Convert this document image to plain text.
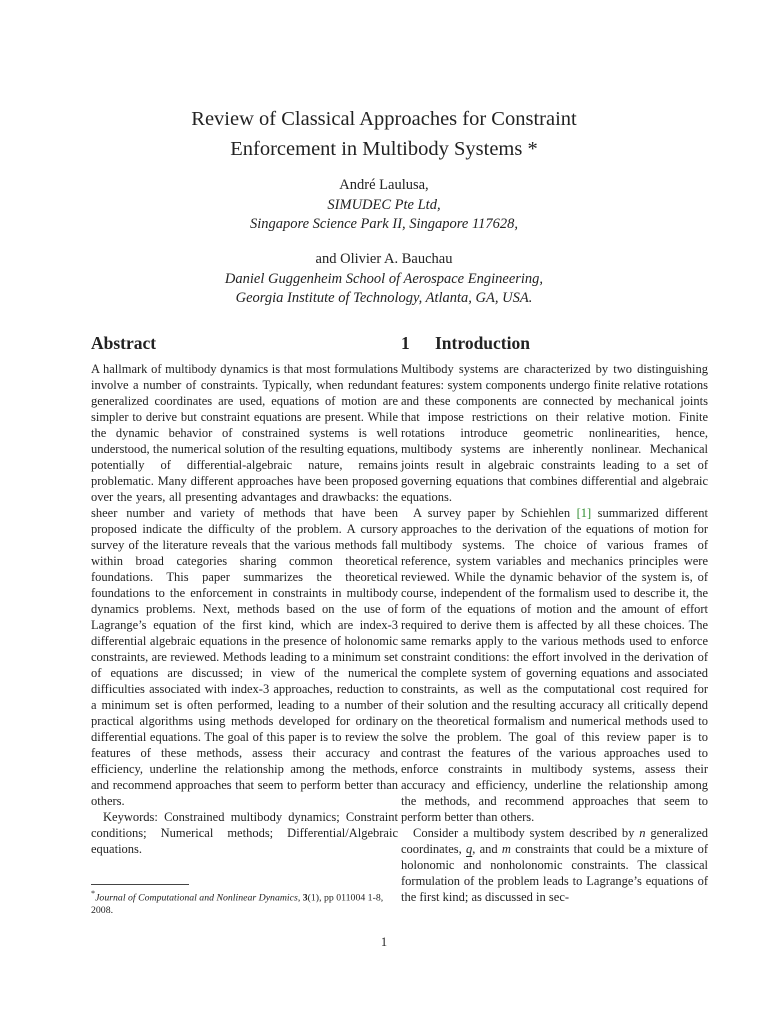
Review of Classical Approaches for Constraint
Enforcement in Multibody Systems *
André Laulusa,
SIMUDEC Pte Ltd,
Singapore Science Park II, Singapore 117628,
and Olivier A. Bauchau
Daniel Guggenheim School of Aerospace Engineering,
Georgia Institute of Technology, Atlanta, GA, USA.
Abstract	1 Introduction

A hallmark of multibody dynamics is that most formulations involve a number of constraints. Typically, when redundant generalized coordinates are used, equations of motion are simpler to derive but constraint equations are present. While the dynamic behavior of constrained systems is well understood, the numerical solution of the resulting equations, potentially of differential-algebraic nature, remains problematic. Many different approaches have been proposed over the years, all presenting advantages and drawbacks: the sheer number and variety of methods that have been proposed indicate the difficulty of the problem. A cursory survey of the literature reveals that the various methods fall within broad categories sharing common theoretical foundations. This paper summarizes the theoretical foundations to the enforcement in constraints in multibody dynamics problems. Next, methods based on the use of Lagrange’s equation of the first kind, which are index-3 differential algebraic equations in the presence of holonomic constraints, are reviewed. Methods leading to a minimum set of equations are discussed; in view of the numerical difficulties associated with index-3 approaches, reduction to a minimum set is often performed, leading to a number of practical algorithms using methods developed for ordinary differential equations. The goal of this paper is to review the features of these methods, assess their accuracy and efficiency, underline the relationship among the methods, and recommend approaches that seem to perform better than others.

Keywords: Constrained multibody dynamics; Constraint conditions; Numerical methods; Differential/Algebraic equations.

Multibody systems are characterized by two distinguishing features: system components undergo finite relative rotations and these components are connected by mechanical joints that impose restrictions on their relative motion. Finite rotations introduce geometric nonlinearities, hence, multibody systems are inherently nonlinear. Mechanical joints result in algebraic constraints leading to a set of governing equations that combines differential and algebraic equations.

A survey paper by Schiehlen [1] summarized different approaches to the derivation of the equations of motion for multibody systems. The choice of various frames of reference, system variables and mechanics principles were reviewed. While the dynamic behavior of the system is, of course, independent of the formalism used to describe it, the form of the equations of motion and the amount of effort required to derive them is affected by all these choices. The same remarks apply to the various methods used to enforce constraint conditions: the effort involved in the derivation of the complete system of governing equations and associated constraints, as well as the computational cost required for their solution and the resulting accuracy all critically depend on the theoretical formalism and numerical methods used to solve the problem. The goal of this review paper is to contrast the features of the various approaches used to enforce constraints in multibody systems, assess their accuracy and efficiency, underline the relationship among the methods, and recommend approaches that seem to perform better than others.

Consider a multibody system described by n generalized coordinates, q, and m constraints that could be a mixture of holonomic and nonholonomic constraints. The classical formulation of the problem leads to Lagrange’s equations of the first kind; as discussed in sec-

*Journal of Computational and Nonlinear Dynamics, 3(1), pp 011004 1-8, 2008.
1
